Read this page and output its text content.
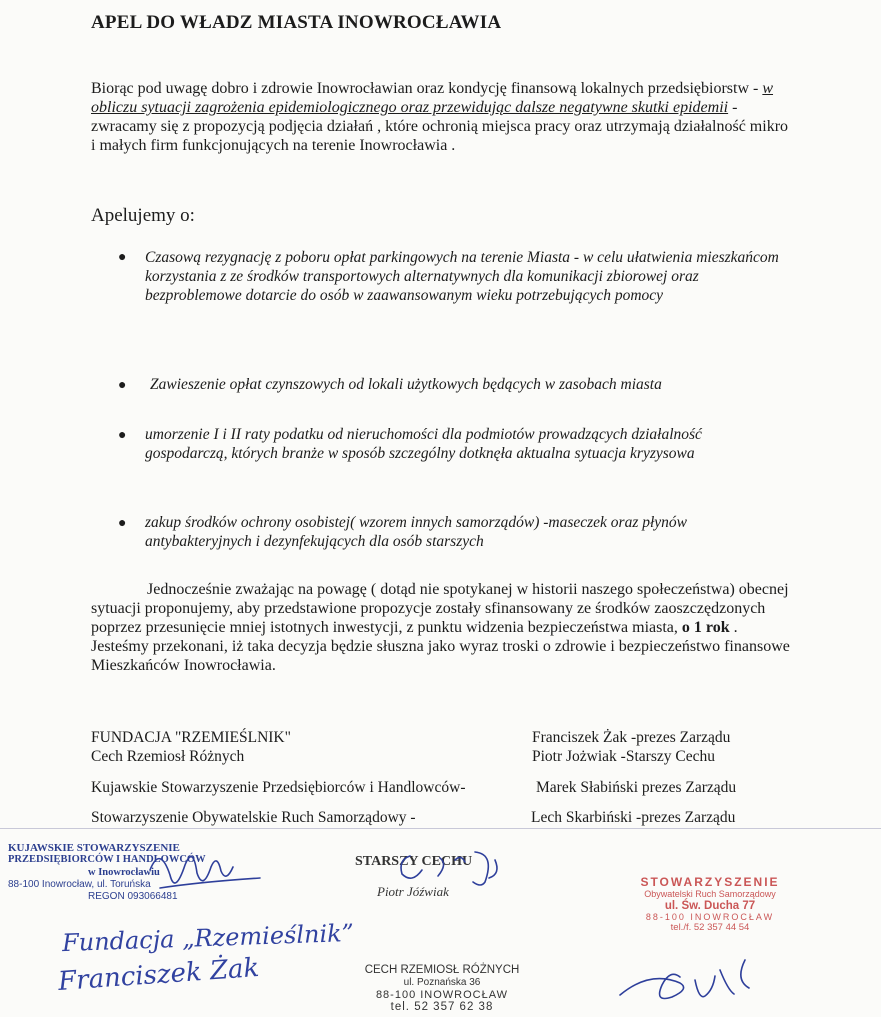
APEL DO WŁADZ MIASTA INOWROCŁAWIA
Biorąc pod uwagę dobro i zdrowie Inowrocławian oraz kondycję finansową lokalnych przedsiębiorstw - w obliczu sytuacji zagrożenia epidemiologicznego oraz przewidując dalsze negatywne skutki epidemii - zwracamy się z propozycją podjęcia działań , które ochronią miejsca pracy oraz utrzymają działalność mikro i małych firm funkcjonujących na terenie Inowrocławia .
Apelujemy o:
● Czasową rezygnację z poboru opłat parkingowych na terenie Miasta - w celu ułatwienia mieszkańcom korzystania z ze środków transportowych alternatywnych dla komunikacji zbiorowej oraz bezproblemowe dotarcie do osób w zaawansowanym wieku potrzebujących pomocy
● Zawieszenie opłat czynszowych od lokali użytkowych będących w zasobach miasta
● umorzenie I i II raty podatku od nieruchomości dla podmiotów prowadzących działalność gospodarczą, których branże w sposób szczególny dotknęła aktualna sytuacja kryzysowa
● zakup środków ochrony osobistej( wzorem innych samorządów) -maseczek oraz płynów antybakteryjnych i dezynfekujących dla osób starszych
Jednocześnie zważając na powagę ( dotąd nie spotykanej w historii naszego społeczeństwa) obecnej sytuacji proponujemy, aby przedstawione propozycje zostały sfinansowany ze środków zaoszczędzonych poprzez przesunięcie mniej istotnych inwestycji, z punktu widzenia bezpieczeństwa miasta, o 1 rok .
Jesteśmy przekonani, iż taka decyzja będzie słuszna jako wyraz troski o zdrowie i bezpieczeństwo finansowe Mieszkańców Inowrocławia.
FUNDACJA "RZEMIEŚLNIK"	Franciszek Żak -prezes Zarządu
Cech Rzemiosł Różnych	Piotr Jożwiak -Starszy Cechu
Kujawskie Stowarzyszenie Przedsiębiorców i Handlowców-	Marek Słabiński prezes Zarządu
Stowarzyszenie Obywatelskie Ruch Samorządowy -	Lech Skarbiński -prezes Zarządu
KUJAWSKIE STOWARZYSZENIE
PRZEDSIĘBIORCÓW I HANDLOWCÓW
w Inowrocławiu
88-100 Inowrocław, ul. Toruńska
REGON 093066481
STARSZY CECHU
Piotr Jóźwiak
CECH RZEMIOSŁ RÓŻNYCH
ul. Poznańska 36
88-100 INOWROCŁAW
tel. 52 357 62 38
STOWARZYSZENIE
Obywatelski Ruch Samorządowy
ul. Św. Ducha 77
88-100 INOWROCŁAW
tel./f. 52 357 44 54
Fundacja „Rzemieślnik”
Franciszek Żak
